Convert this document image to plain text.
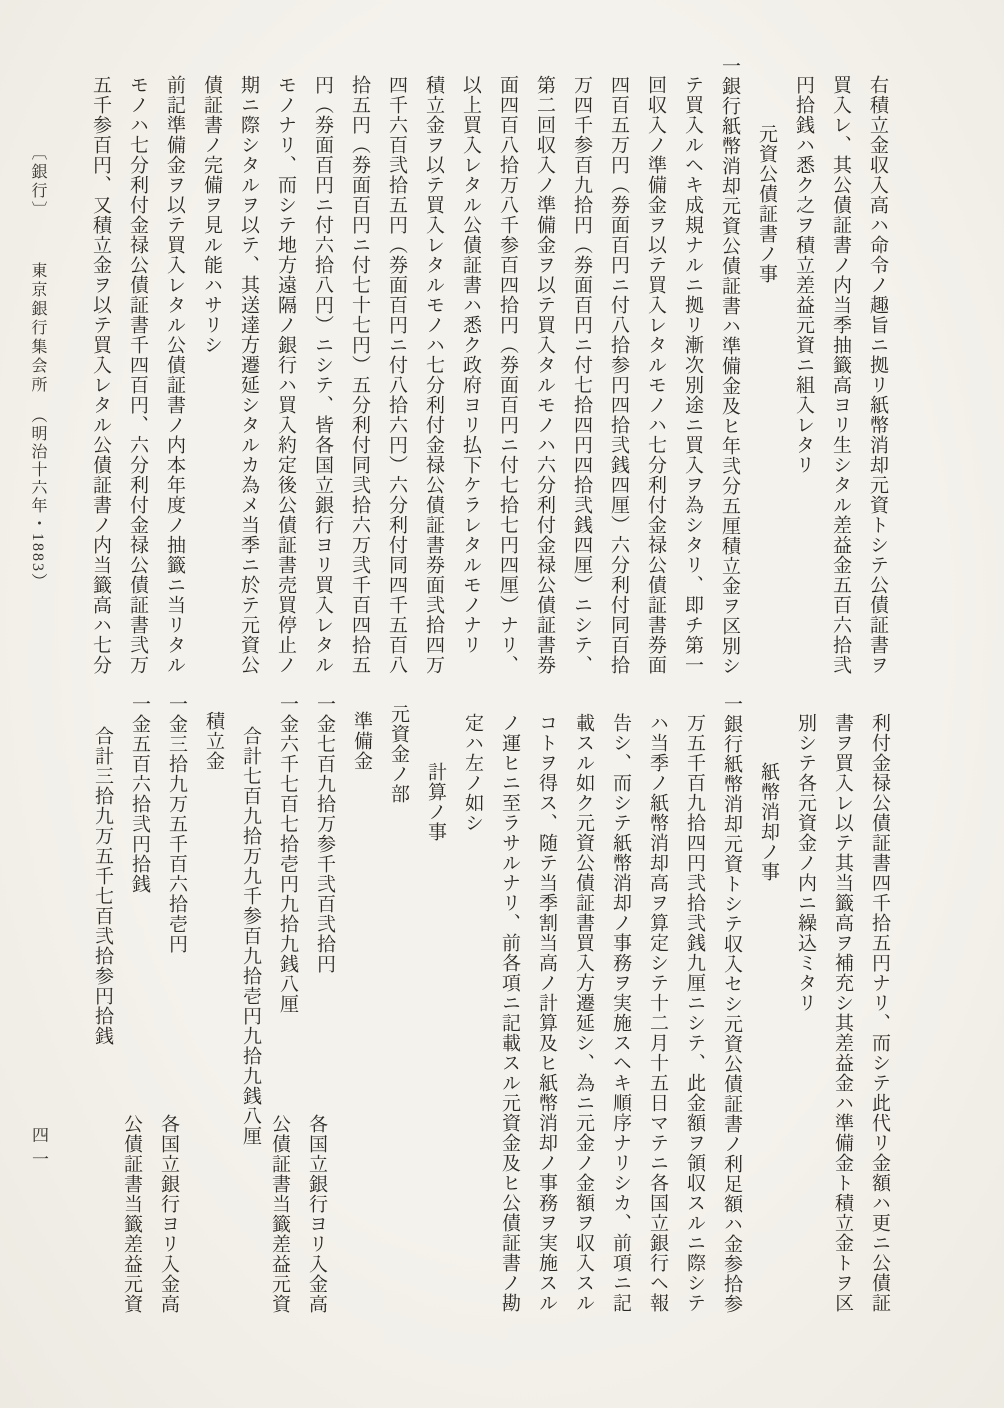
〔銀行〕
東京銀行集会所
（明治十六年・1883）	右積立金収入高ハ命令ノ趣旨ニ拠リ紙幣消却元資トシテ公債証書ヲ
買入レ、其公債証書ノ内当季抽籤高ヨリ生シタル差益金五百六拾弐
円拾銭ハ悉ク之ヲ積立差益元資ニ組入レタリ
元資公債証書ノ事
一銀行紙幣消却元資公債証書ハ準備金及ヒ年弐分五厘積立金ヲ区別シ
テ買入ルヘキ成規ナルニ拠リ漸次別途ニ買入ヲ為シタリ、即チ第一
回収入ノ準備金ヲ以テ買入レタルモノハ七分利付金禄公債証書券面
四百五万円（券面百円ニ付八拾参円四拾弐銭四厘）六分利付同百拾
万四千参百九拾円（券面百円ニ付七拾四円四拾弐銭四厘）ニシテ、
第二回収入ノ準備金ヲ以テ買入タルモノハ六分利付金禄公債証書券
面四百八拾万八千参百四拾円（券面百円ニ付七拾七円四厘）ナリ、
以上買入レタル公債証書ハ悉ク政府ヨリ払下ケラレタルモノナリ
積立金ヲ以テ買入レタルモノハ七分利付金禄公債証書券面弐拾四万
四千六百弐拾五円（券面百円ニ付八拾六円）六分利付同四千五百八
拾五円（券面百円ニ付七十七円）五分利付同弐拾六万弐千百四拾五
円（券面百円ニ付六拾八円）ニシテ、皆各国立銀行ヨリ買入レタル
モノナリ、而シテ地方遠隔ノ銀行ハ買入約定後公債証書売買停止ノ
期ニ際シタルヲ以テ、其送達方遷延シタルカ為メ当季ニ於テ元資公
債証書ノ完備ヲ見ル能ハサリシ
前記準備金ヲ以テ買入レタル公債証書ノ内本年度ノ抽籤ニ当リタル
モノハ七分利付金禄公債証書千四百円、六分利付金禄公債証書弐万
五千参百円、又積立金ヲ以テ買入レタル公債証書ノ内当籤高ハ七分
利付金禄公債証書四千拾五円ナリ、而シテ此代リ金額ハ更ニ公債証
書ヲ買入レ以テ其当籤高ヲ補充シ其差益金ハ準備金ト積立金トヲ区
別シテ各元資金ノ内ニ繰込ミタリ
紙幣消却ノ事
一銀行紙幣消却元資トシテ収入セシ元資公債証書ノ利足額ハ金参拾参
万五千百九拾四円弐拾弐銭九厘ニシテ、此金額ヲ領収スルニ際シテ
ハ当季ノ紙幣消却高ヲ算定シテ十二月十五日マテニ各国立銀行ヘ報
告シ、而シテ紙幣消却ノ事務ヲ実施スヘキ順序ナリシカ、前項ニ記
載スル如ク元資公債証書買入方遷延シ、為ニ元金ノ金額ヲ収入スル
コトヲ得ス、随テ当季割当高ノ計算及ヒ紙幣消却ノ事務ヲ実施スル
ノ運ヒニ至ラサルナリ、前各項ニ記載スル元資金及ヒ公債証書ノ勘
定ハ左ノ如シ
計算ノ事
元資金ノ部
準備金
一金七百九拾万参千弐百弐拾円
各国立銀行ヨリ入金高
一金六千七百七拾壱円九拾九銭八厘
公債証書当籤差益元資
合計七百九拾万九千参百九拾壱円九拾九銭八厘
積立金
一金三拾九万五千百六拾壱円
各国立銀行ヨリ入金高
一金五百六拾弐円拾銭
公債証書当籤差益元資
合計三拾九万五千七百弐拾参円拾銭
四一
